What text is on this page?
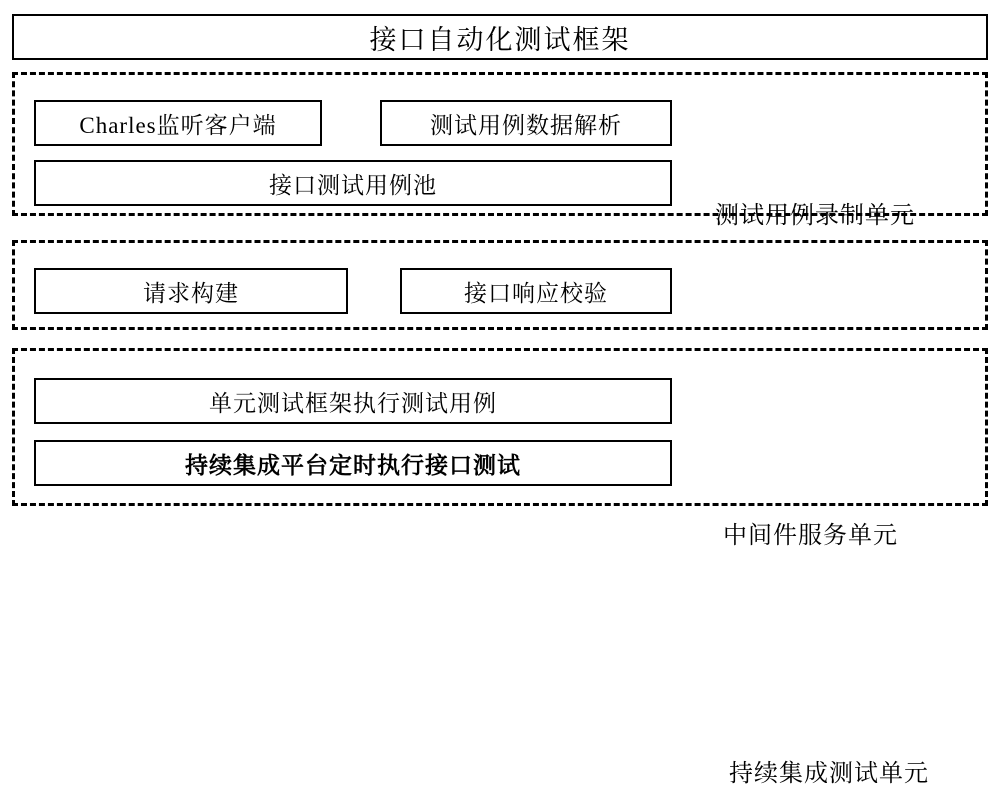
接口自动化测试框架
测试用例录制单元
Charles监听客户端	测试用例数据解析
接口测试用例池
中间件服务单元
请求构建	接口响应校验
持续集成测试单元
单元测试框架执行测试用例
持续集成平台定时执行接口测试
